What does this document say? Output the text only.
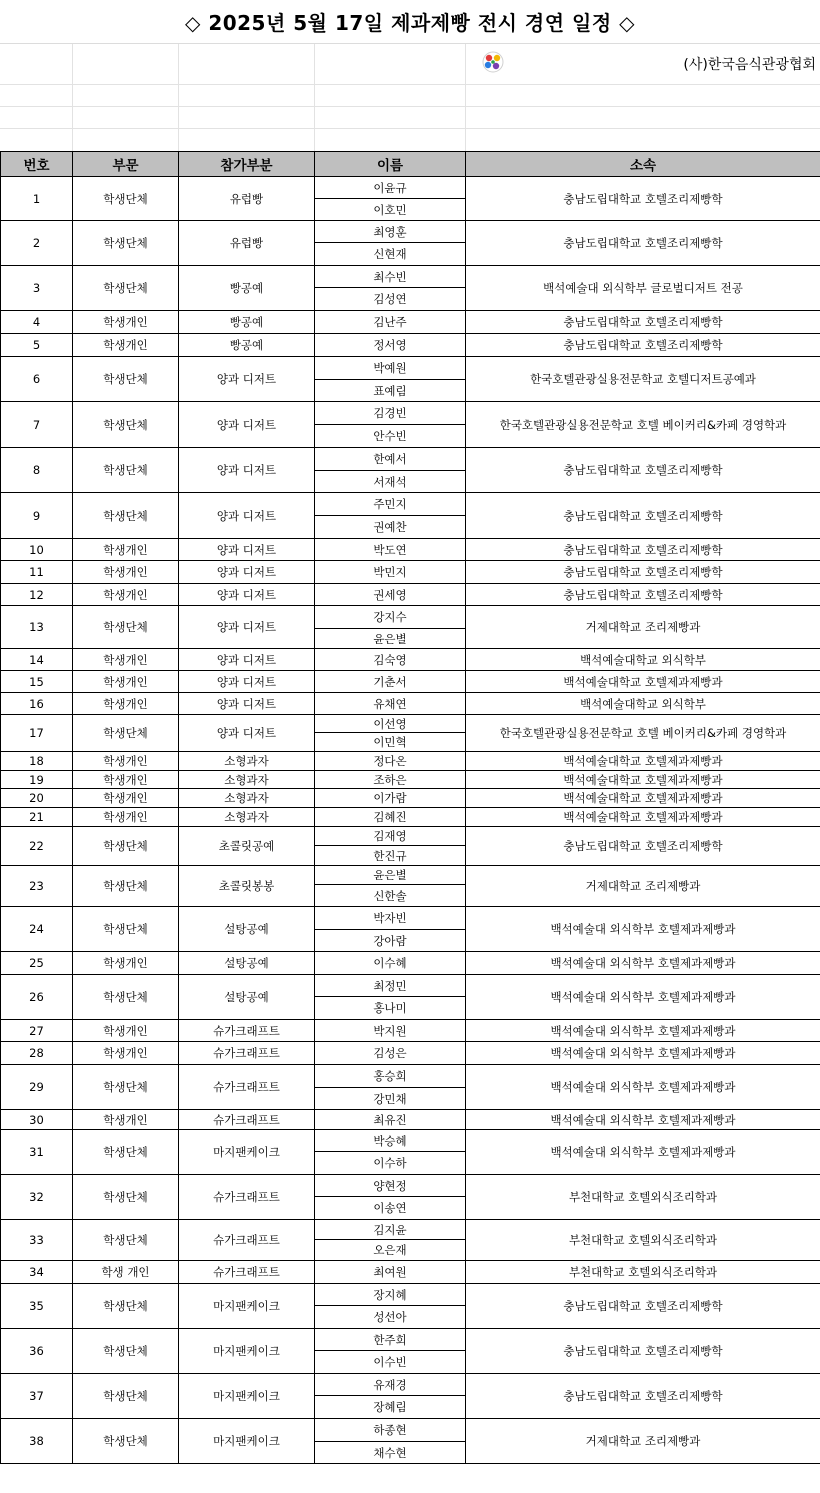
◇ 2025년 5월 17일 제과제빵 전시 경연 일정 ◇
(사)한국음식관광협회
번호	부문	참가부분	이름	소속
1	학생단체	유럽빵	이윤규	충남도립대학교 호텔조리제빵학
			이호민	
2	학생단체	유럽빵	최영훈	충남도립대학교 호텔조리제빵학
			신현재	
3	학생단체	빵공예	최수빈	백석예술대 외식학부 글로벌디저트 전공
			김성연	
4	학생개인	빵공예	김난주	충남도립대학교 호텔조리제빵학
5	학생개인	빵공예	정서영	충남도립대학교 호텔조리제빵학
6	학생단체	양과 디저트	박예원	한국호텔관광실용전문학교 호텔디저트공예과
			표예림	
7	학생단체	양과 디저트	김경빈	한국호텔관광실용전문학교 호텔 베이커리&카페 경영학과
			안수빈	
8	학생단체	양과 디저트	한예서	충남도립대학교 호텔조리제빵학
			서재석	
9	학생단체	양과 디저트	주민지	충남도립대학교 호텔조리제빵학
			권예찬	
10	학생개인	양과 디저트	박도연	충남도립대학교 호텔조리제빵학
11	학생개인	양과 디저트	박민지	충남도립대학교 호텔조리제빵학
12	학생개인	양과 디저트	권세영	충남도립대학교 호텔조리제빵학
13	학생단체	양과 디저트	강지수	거제대학교 조리제빵과
			윤은별	
14	학생개인	양과 디저트	김숙영	백석예술대학교 외식학부
15	학생개인	양과 디저트	기춘서	백석예술대학교 호텔제과제빵과
16	학생개인	양과 디저트	유채연	백석예술대학교 외식학부
17	학생단체	양과 디저트	이선영	한국호텔관광실용전문학교 호텔 베이커리&카페 경영학과
			이민혁	
18	학생개인	소형과자	정다온	백석예술대학교 호텔제과제빵과
19	학생개인	소형과자	조하은	백석예술대학교 호텔제과제빵과
20	학생개인	소형과자	이가람	백석예술대학교 호텔제과제빵과
21	학생개인	소형과자	김혜진	백석예술대학교 호텔제과제빵과
22	학생단체	초콜릿공예	김재영	충남도립대학교 호텔조리제빵학
			한진규	
23	학생단체	초콜릿봉봉	윤은별	거제대학교 조리제빵과
			신한솔	
24	학생단체	설탕공예	박자빈	백석예술대 외식학부 호텔제과제빵과
			강아람	
25	학생개인	설탕공예	이수혜	백석예술대 외식학부 호텔제과제빵과
26	학생단체	설탕공예	최정민	백석예술대 외식학부 호텔제과제빵과
			홍나미	
27	학생개인	슈가크래프트	박지원	백석예술대 외식학부 호텔제과제빵과
28	학생개인	슈가크래프트	김성은	백석예술대 외식학부 호텔제과제빵과
29	학생단체	슈가크래프트	홍승희	백석예술대 외식학부 호텔제과제빵과
			강민채	
30	학생개인	슈가크래프트	최유진	백석예술대 외식학부 호텔제과제빵과
31	학생단체	마지팬케이크	박승혜	백석예술대 외식학부 호텔제과제빵과
			이수하	
32	학생단체	슈가크래프트	양현정	부천대학교 호텔외식조리학과
			이송연	
33	학생단체	슈가크래프트	김지윤	부천대학교 호텔외식조리학과
			오은재	
34	학생 개인	슈가크래프트	최여원	부천대학교 호텔외식조리학과
35	학생단체	마지팬케이크	장지혜	충남도립대학교 호텔조리제빵학
			성선아	
36	학생단체	마지팬케이크	한주희	충남도립대학교 호텔조리제빵학
			이수빈	
37	학생단체	마지팬케이크	유재경	충남도립대학교 호텔조리제빵학
			장혜림	
38	학생단체	마지팬케이크	하종현	거제대학교 조리제빵과
			채수현	
